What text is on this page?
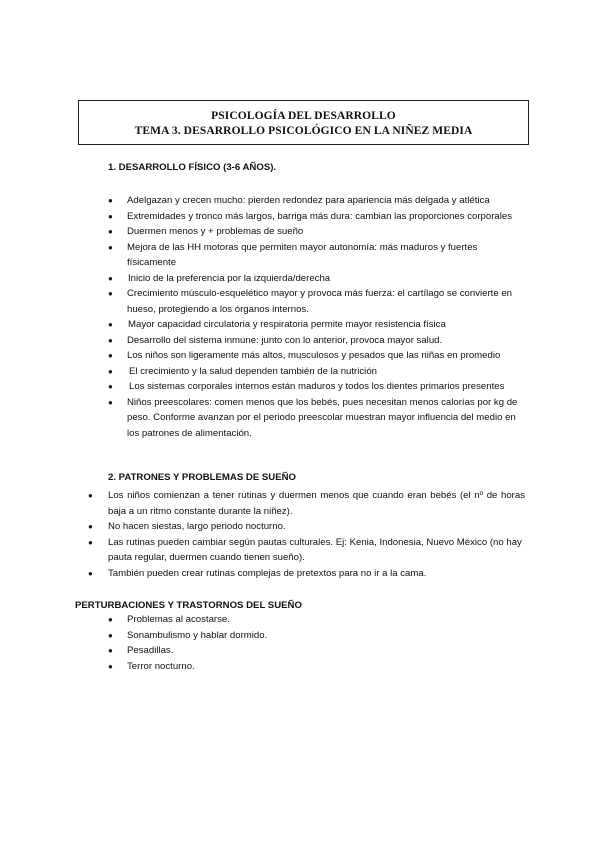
PSICOLOGÍA DEL DESARROLLO
TEMA 3. DESARROLLO PSICOLÓGICO EN LA NIÑEZ MEDIA
1. DESARROLLO FÍSICO (3-6 AÑOS).
● Adelgazan y crecen mucho: pierden redondez para apariencia más delgada y atlética
● Extremidades y tronco más largos, barriga más dura: cambian las proporciones corporales
● Duermen menos y + problemas de sueño
● Mejora de las HH motoras que permiten mayor autonomía: más maduros y fuertes físicamente
● Inicio de la preferencia por la izquierda/derecha
● Crecimiento músculo-esquelético mayor y provoca más fuerza: el cartílago se convierte en hueso, protegiendo a los órganos internos.
● Mayor capacidad circulatoria y respiratoria permite mayor resistencia física
● Desarrollo del sistema inmune: junto con lo anterior, provoca mayor salud.
● Los niños son ligeramente más altos, musculosos y pesados que las niñas en promedio
● El crecimiento y la salud dependen también de la nutrición
● Los sistemas corporales internos están maduros y todos los dientes primarios presentes
● Niños preescolares: comen menos que los bebés, pues necesitan menos calorías por kg de peso. Conforme avanzan por el periodo preescolar muestran mayor influencia del medio en los patrones de alimentación.
2. PATRONES Y PROBLEMAS DE SUEÑO
● Los niños comienzan a tener rutinas y duermen menos que cuando eran bebés (el nº de horas baja a un ritmo constante durante la niñez).
● No hacen siestas, largo periodo nocturno.
● Las rutinas pueden cambiar según pautas culturales. Ej: Kenia, Indonesia, Nuevo México (no hay pauta regular, duermen cuando tienen sueño).
● También pueden crear rutinas complejas de pretextos para no ir a la cama.
PERTURBACIONES Y TRASTORNOS DEL SUEÑO
● Problemas al acostarse.
● Sonambulismo y hablar dormido.
● Pesadillas.
● Terror nocturno.
